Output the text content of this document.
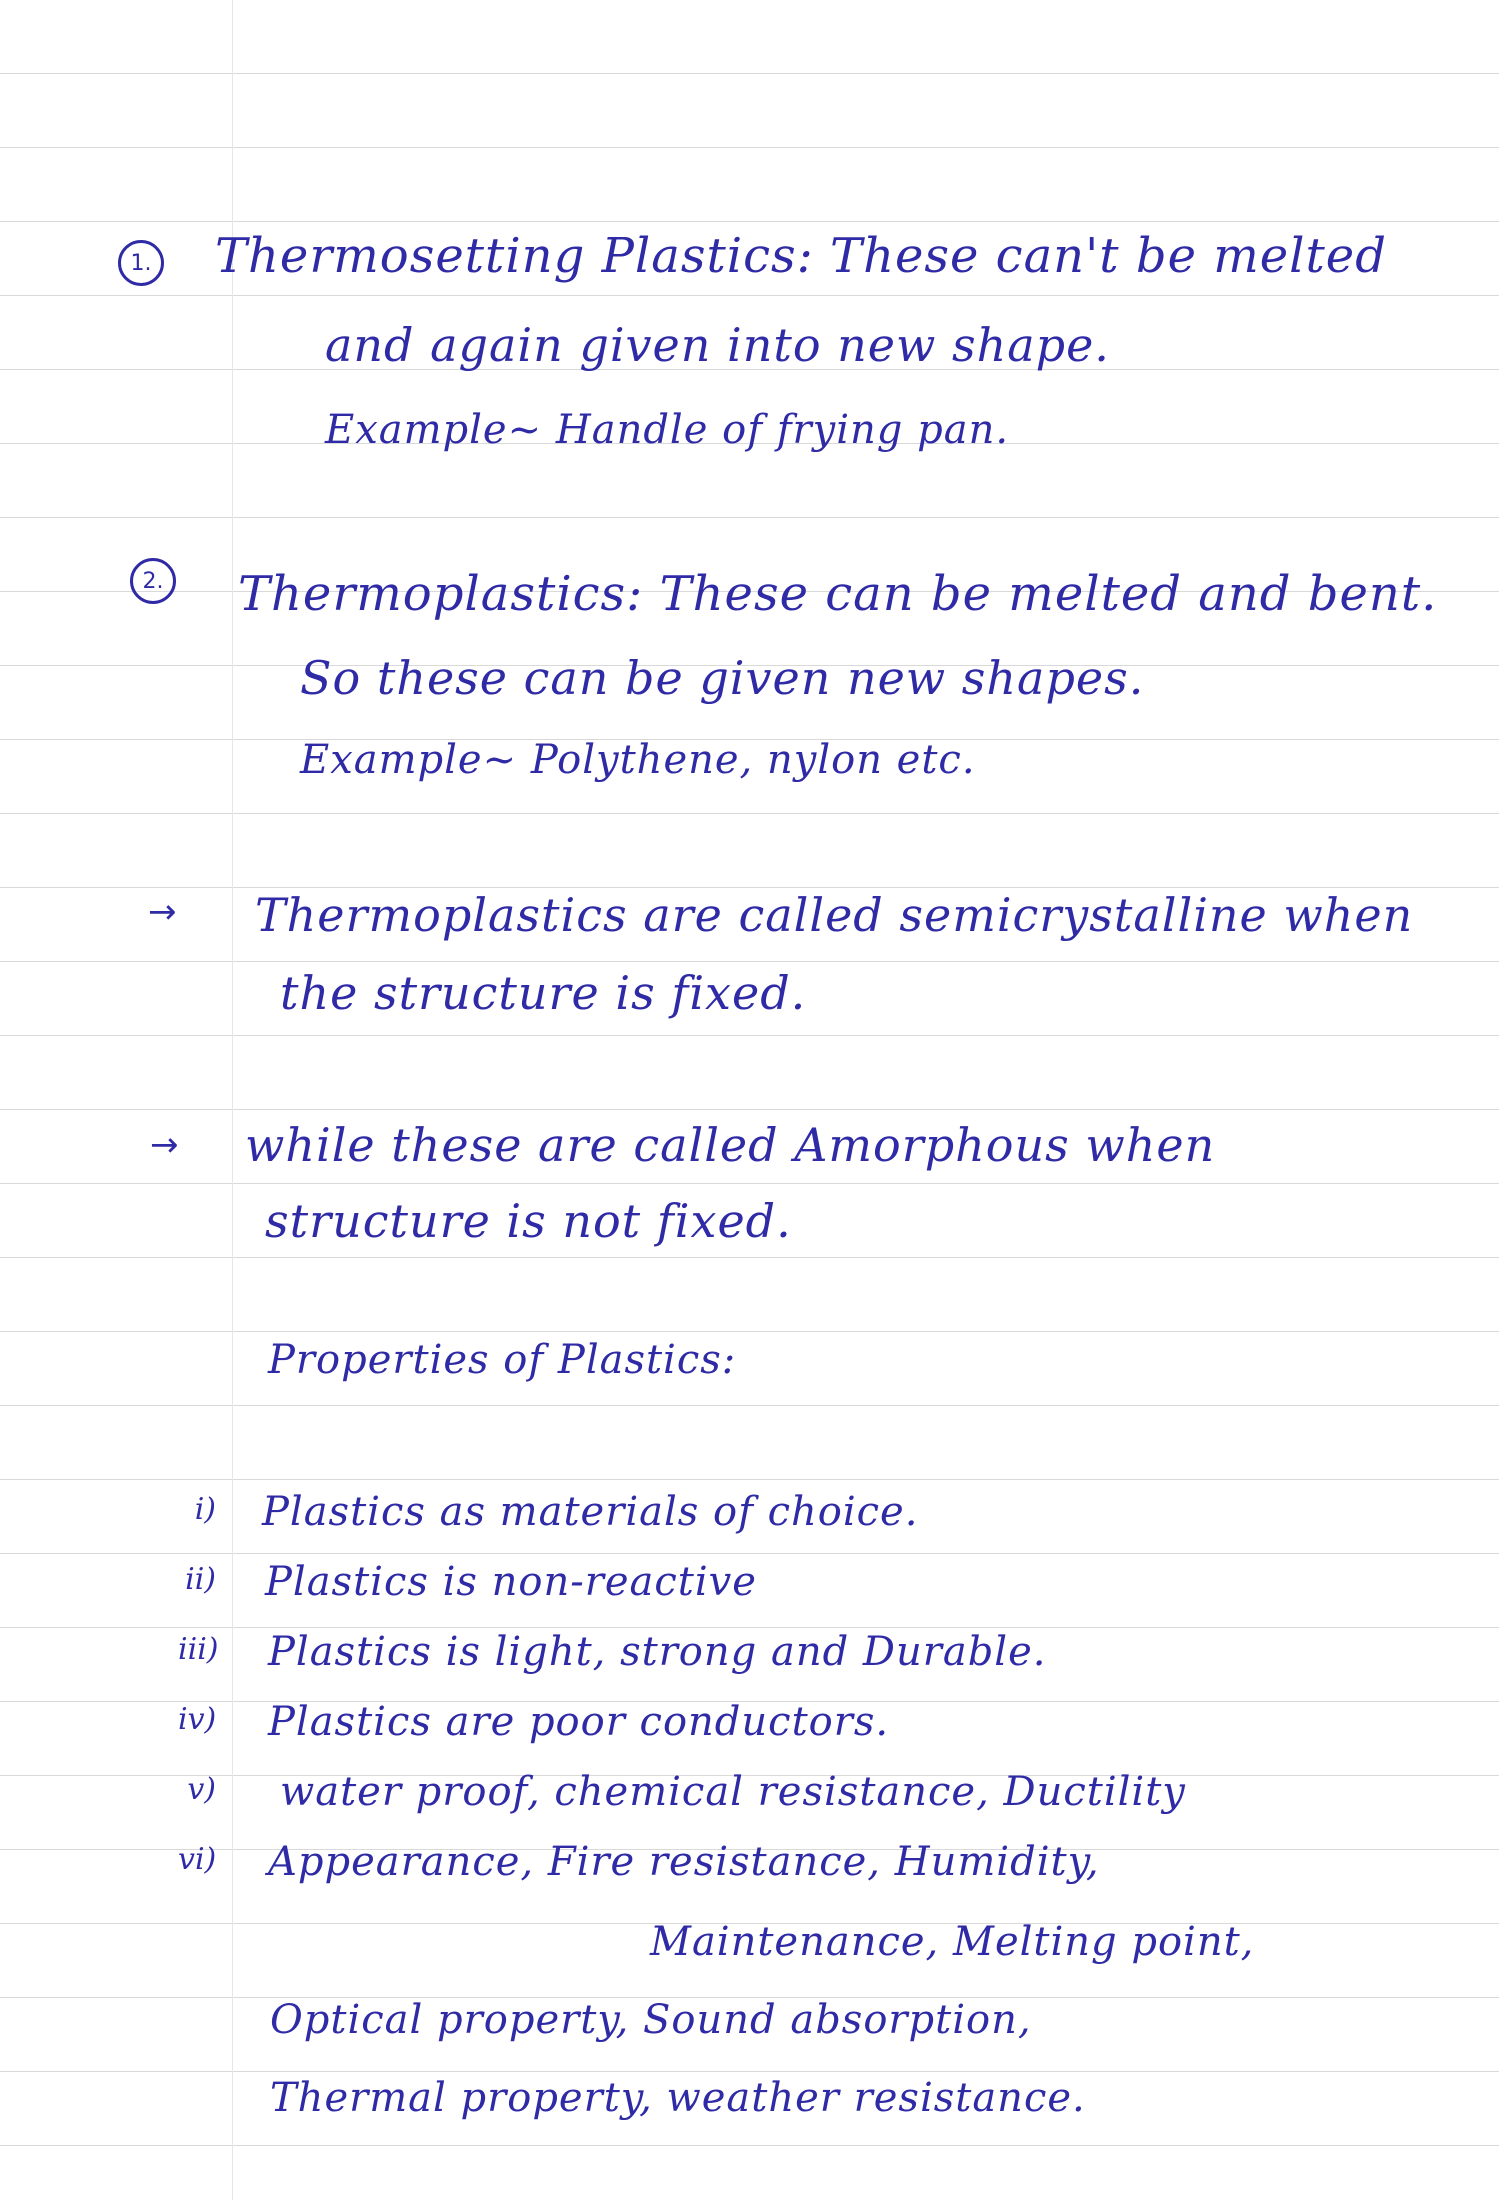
1. Thermosetting Plastics: These can't be melted
and again given into new shape.
Example~ Handle of frying pan.
2. Thermoplastics: These can be melted and bent.
So these can be given new shapes.
Example~ Polythene, nylon etc.
→ Thermoplastics are called semicrystalline when
the structure is fixed.
→ while these are called Amorphous when
structure is not fixed.
Properties of Plastics:
i) Plastics as materials of choice.
ii) Plastics is non-reactive
iii) Plastics is light, strong and Durable.
iv) Plastics are poor conductors.
v) water proof, chemical resistance, Ductility
vi) Appearance, Fire resistance, Humidity,
Maintenance, Melting point,
Optical property, Sound absorption,
Thermal property, weather resistance.
